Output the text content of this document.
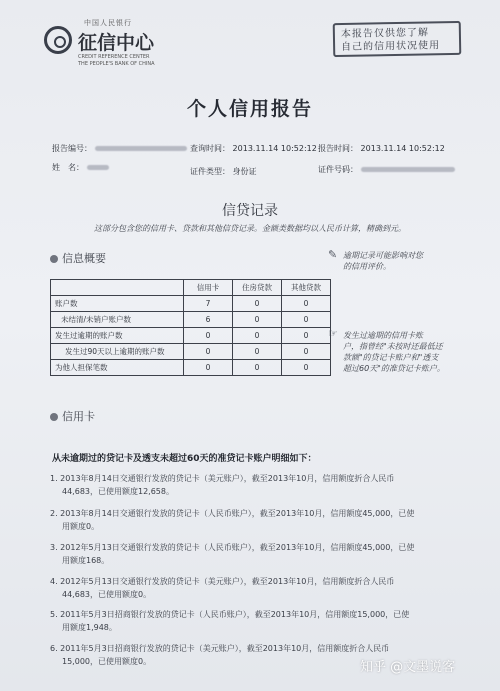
中国人民银行
征信中心
CREDIT REFERENCE CENTER
THE PEOPLE'S BANK OF CHINA
本报告仅供您了解
自己的信用状况使用
个人信用报告
报告编号：	查询时间： 2013.11.14 10:52:12 报告时间： 2013.11.14 10:52:12
姓　名：	证件类型： 身份证	证件号码：
信贷记录
这部分包含您的信用卡、贷款和其他信贷记录。金额类数据均以人民币计算，精确到元。
信息概要
	信用卡	住房贷款	其他贷款
账户数	7	0	0
未结清/未销户账户数	6	0	0
发生过逾期的账户数	0	0	0
发生过90天以上逾期的账户数	0	0	0
为他人担保笔数	0	0	0
✎ 逾期记录可能影响对您
的信用评价。
☞ 发生过逾期的信用卡账
户，指曾经"未按时还最低还
款额"的贷记卡账户和"透支
超过60天"的准贷记卡账户。
信用卡
从未逾期过的贷记卡及透支未超过60天的准贷记卡账户明细如下：
1. 2013年8月14日交通银行发放的贷记卡（美元账户），截至2013年10月，信用额度折合人民币
44,683，已使用额度12,658。
2. 2013年8月14日交通银行发放的贷记卡（人民币账户），截至2013年10月，信用额度45,000，已使
用额度0。
3. 2012年5月13日交通银行发放的贷记卡（人民币账户），截至2013年10月，信用额度45,000，已使
用额度168。
4. 2012年5月13日交通银行发放的贷记卡（美元账户），截至2013年10月，信用额度折合人民币
44,683，已使用额度0。
5. 2011年5月3日招商银行发放的贷记卡（人民币账户），截至2013年10月，信用额度15,000，已使
用额度1,948。
6. 2011年5月3日招商银行发放的贷记卡（美元账户），截至2013年10月，信用额度折合人民币
15,000，已使用额度0。	知乎 @文墨说客
